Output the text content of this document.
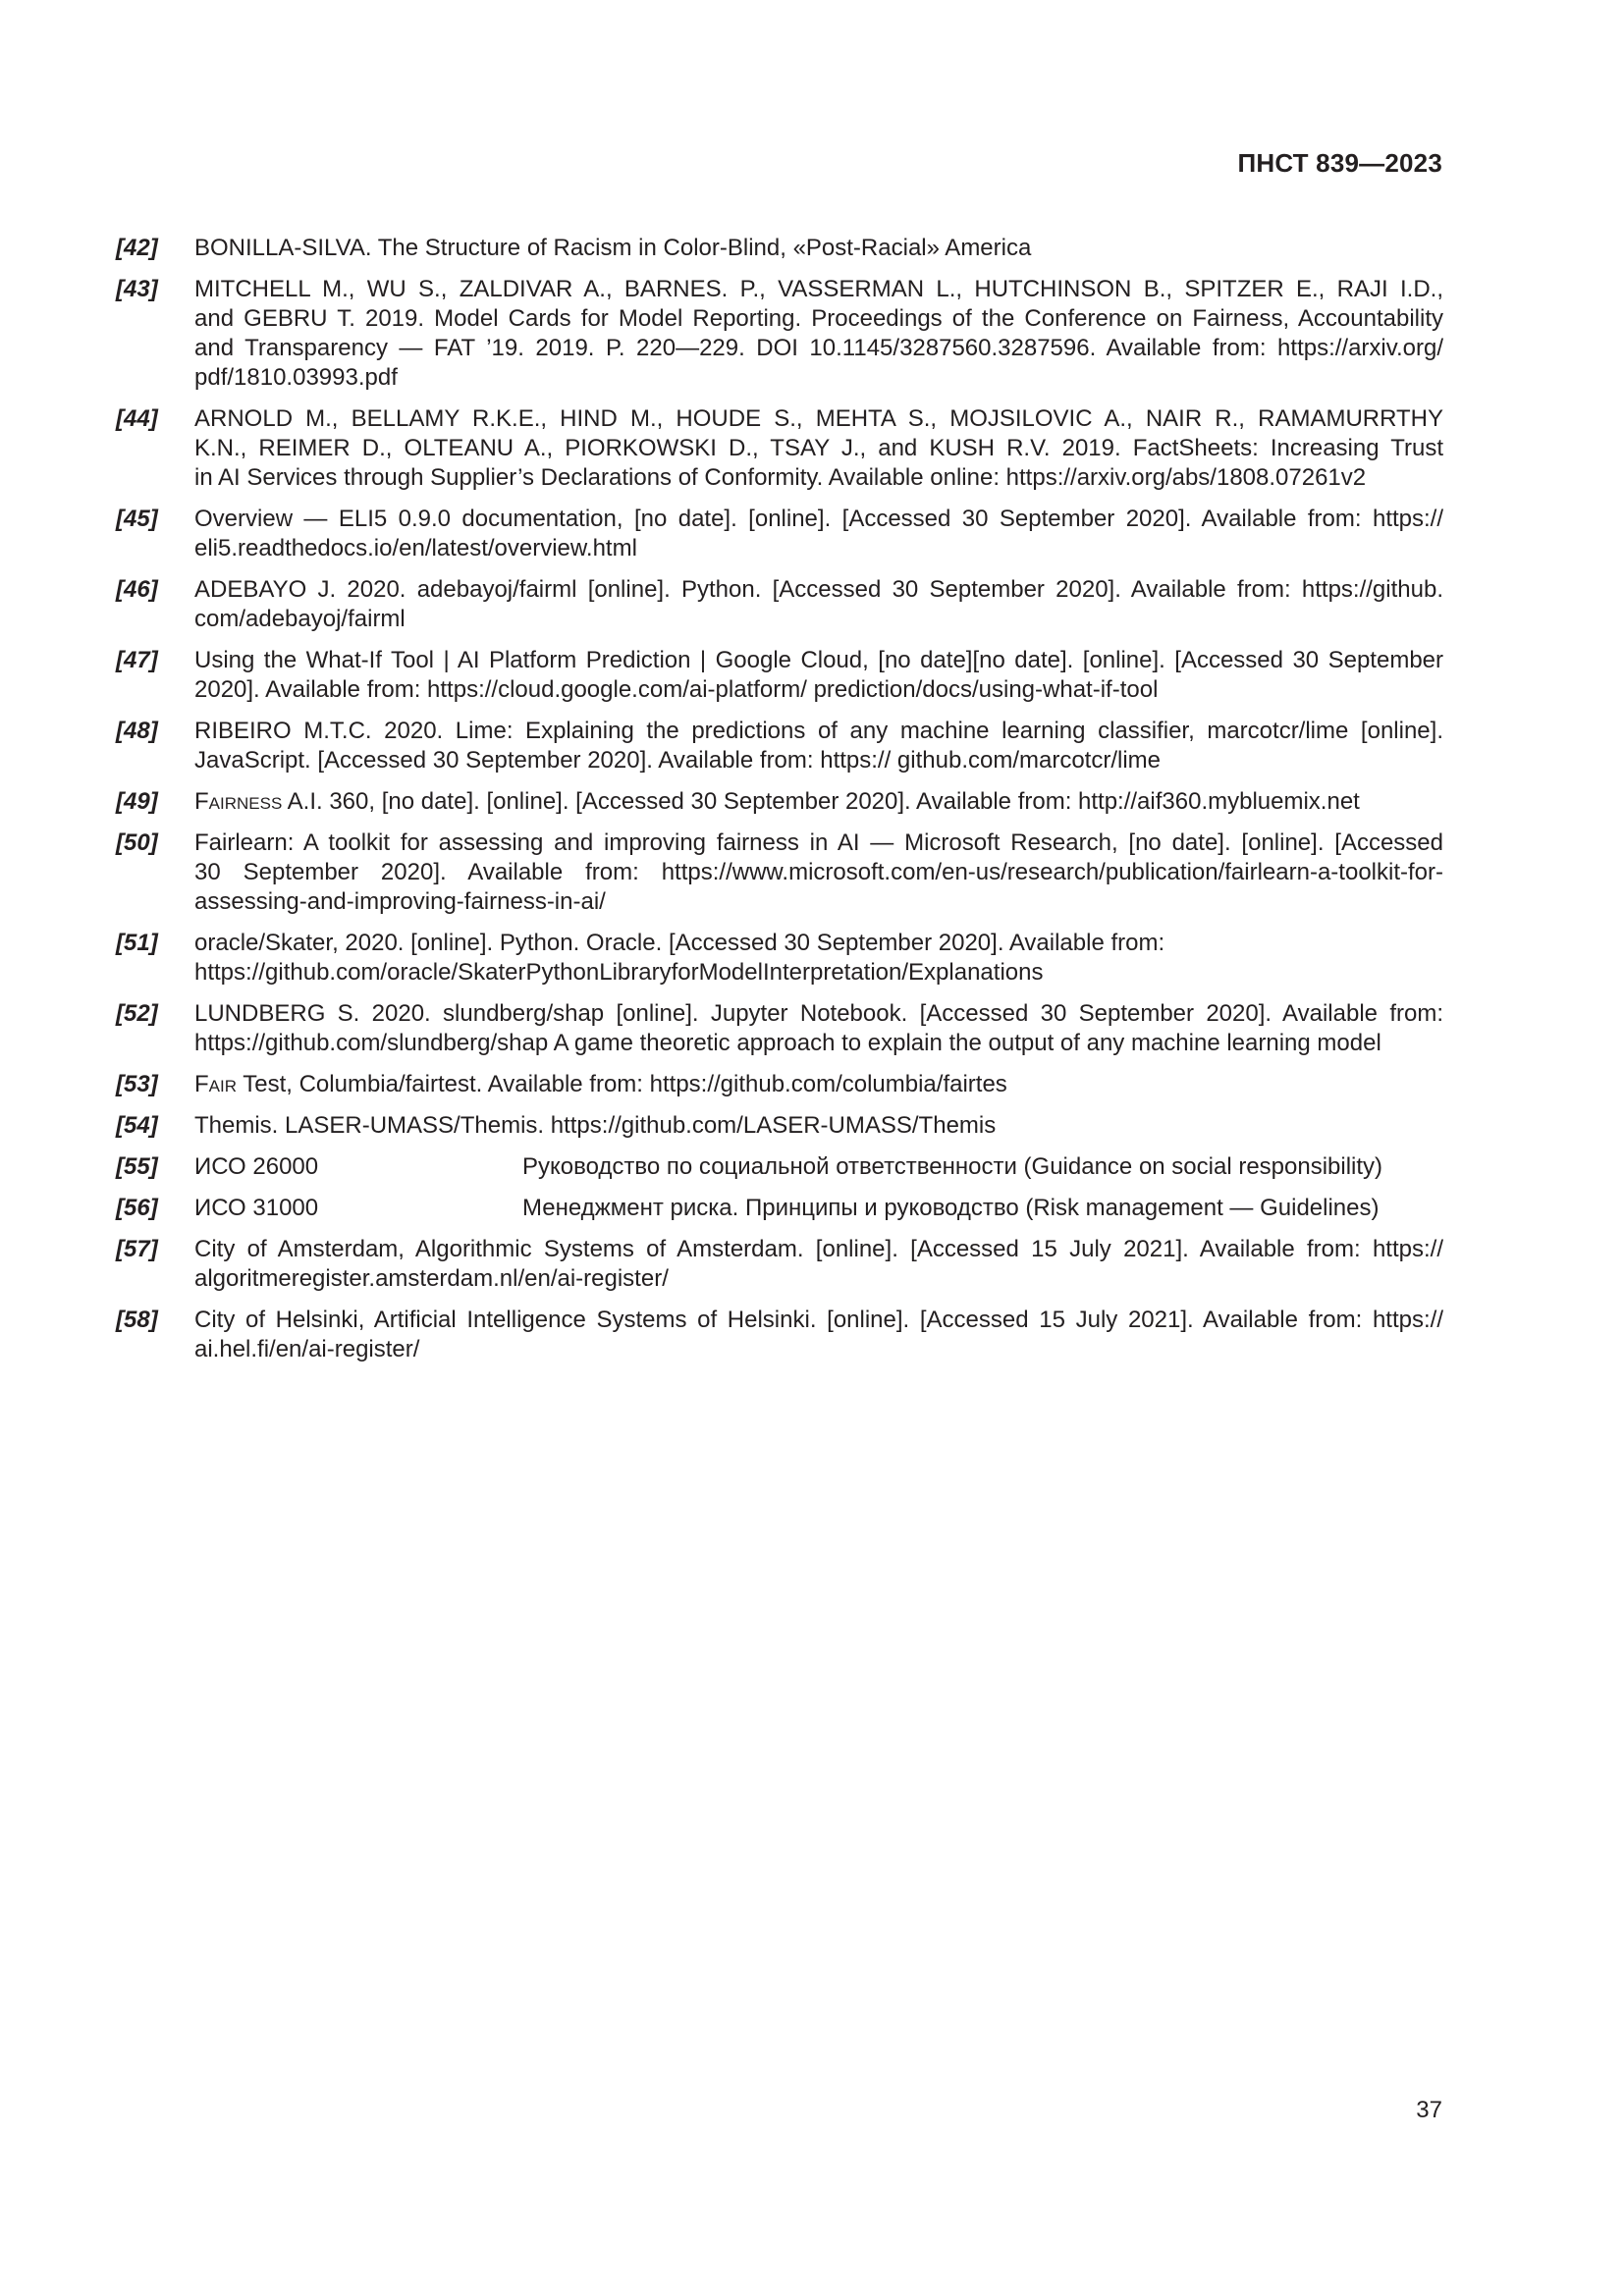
ПНСТ 839—2023
[42]	BONILLA-SILVA. The Structure of Racism in Color-Blind, «Post-Racial» America
[43]	MITCHELL M., WU S., ZALDIVAR A., BARNES. P., VASSERMAN L., HUTCHINSON B., SPITZER E., RAJI I.D.,
and GEBRU T. 2019. Model Cards for Model Reporting. Proceedings of the Conference on Fairness, Accountability
and Transparency — FAT ’19. 2019. P. 220—229. DOI 10.1145/3287560.3287596. Available from: https://arxiv.org/
pdf/1810.03993.pdf
[44]	ARNOLD M., BELLAMY R.K.E., HIND M., HOUDE S., MEHTA S., MOJSILOVIC A., NAIR R., RAMAMURRTHY
K.N., REIMER D., OLTEANU A., PIORKOWSKI D., TSAY J., and KUSH R.V. 2019. FactSheets: Increasing Trust
in AI Services through Supplier’s Declarations of Conformity. Available online: https://arxiv.org/abs/1808.07261v2
[45]	Overview — ELI5 0.9.0 documentation, [no date]. [online]. [Accessed 30 September 2020]. Available from: https://
eli5.readthedocs.io/en/latest/overview.html
[46]	ADEBAYO J. 2020. adebayoj/fairml [online]. Python. [Accessed 30 September 2020]. Available from: https://github.
com/adebayoj/fairml
[47]	Using the What-If Tool | AI Platform Prediction | Google Cloud, [no date][no date]. [online]. [Accessed 30 September
2020]. Available from: https://cloud.google.com/ai-platform/ prediction/docs/using-what-if-tool
[48]	RIBEIRO M.T.C. 2020. Lime: Explaining the predictions of any machine learning classifier, marcotcr/lime [online].
JavaScript. [Accessed 30 September 2020]. Available from: https:// github.com/marcotcr/lime
[49]	Fairness A.I. 360, [no date]. [online]. [Accessed 30 September 2020]. Available from: http://aif360.mybluemix.net
[50]	Fairlearn: A toolkit for assessing and improving fairness in AI — Microsoft Research, [no date]. [online]. [Accessed
30 September 2020]. Available from: https://www.microsoft.com/en-us/research/publication/fairlearn-a-toolkit-for-
assessing-and-improving-fairness-in-ai/
[51]	oracle/Skater, 2020. [online]. Python. Oracle. [Accessed 30 September 2020]. Available from:
https://github.com/oracle/SkaterPythonLibraryforModelInterpretation/Explanations
[52]	LUNDBERG S. 2020. slundberg/shap [online]. Jupyter Notebook. [Accessed 30 September 2020]. Available from:
https://github.com/slundberg/shap A game theoretic approach to explain the output of any machine learning model
[53]	Fair Test, Columbia/fairtest. Available from: https://github.com/columbia/fairtes
[54]	Themis. LASER-UMASS/Themis. https://github.com/LASER-UMASS/Themis
[55]	ИСО 26000	Руководство по социальной ответственности (Guidance on social responsibility)
[56]	ИСО 31000	Менеджмент риска. Принципы и руководство (Risk management — Guidelines)
[57]	City of Amsterdam, Algorithmic Systems of Amsterdam. [online]. [Accessed 15 July 2021]. Available from: https://
algoritmeregister.amsterdam.nl/en/ai-register/
[58]	City of Helsinki, Artificial Intelligence Systems of Helsinki. [online]. [Accessed 15 July 2021]. Available from: https://
ai.hel.fi/en/ai-register/
37
